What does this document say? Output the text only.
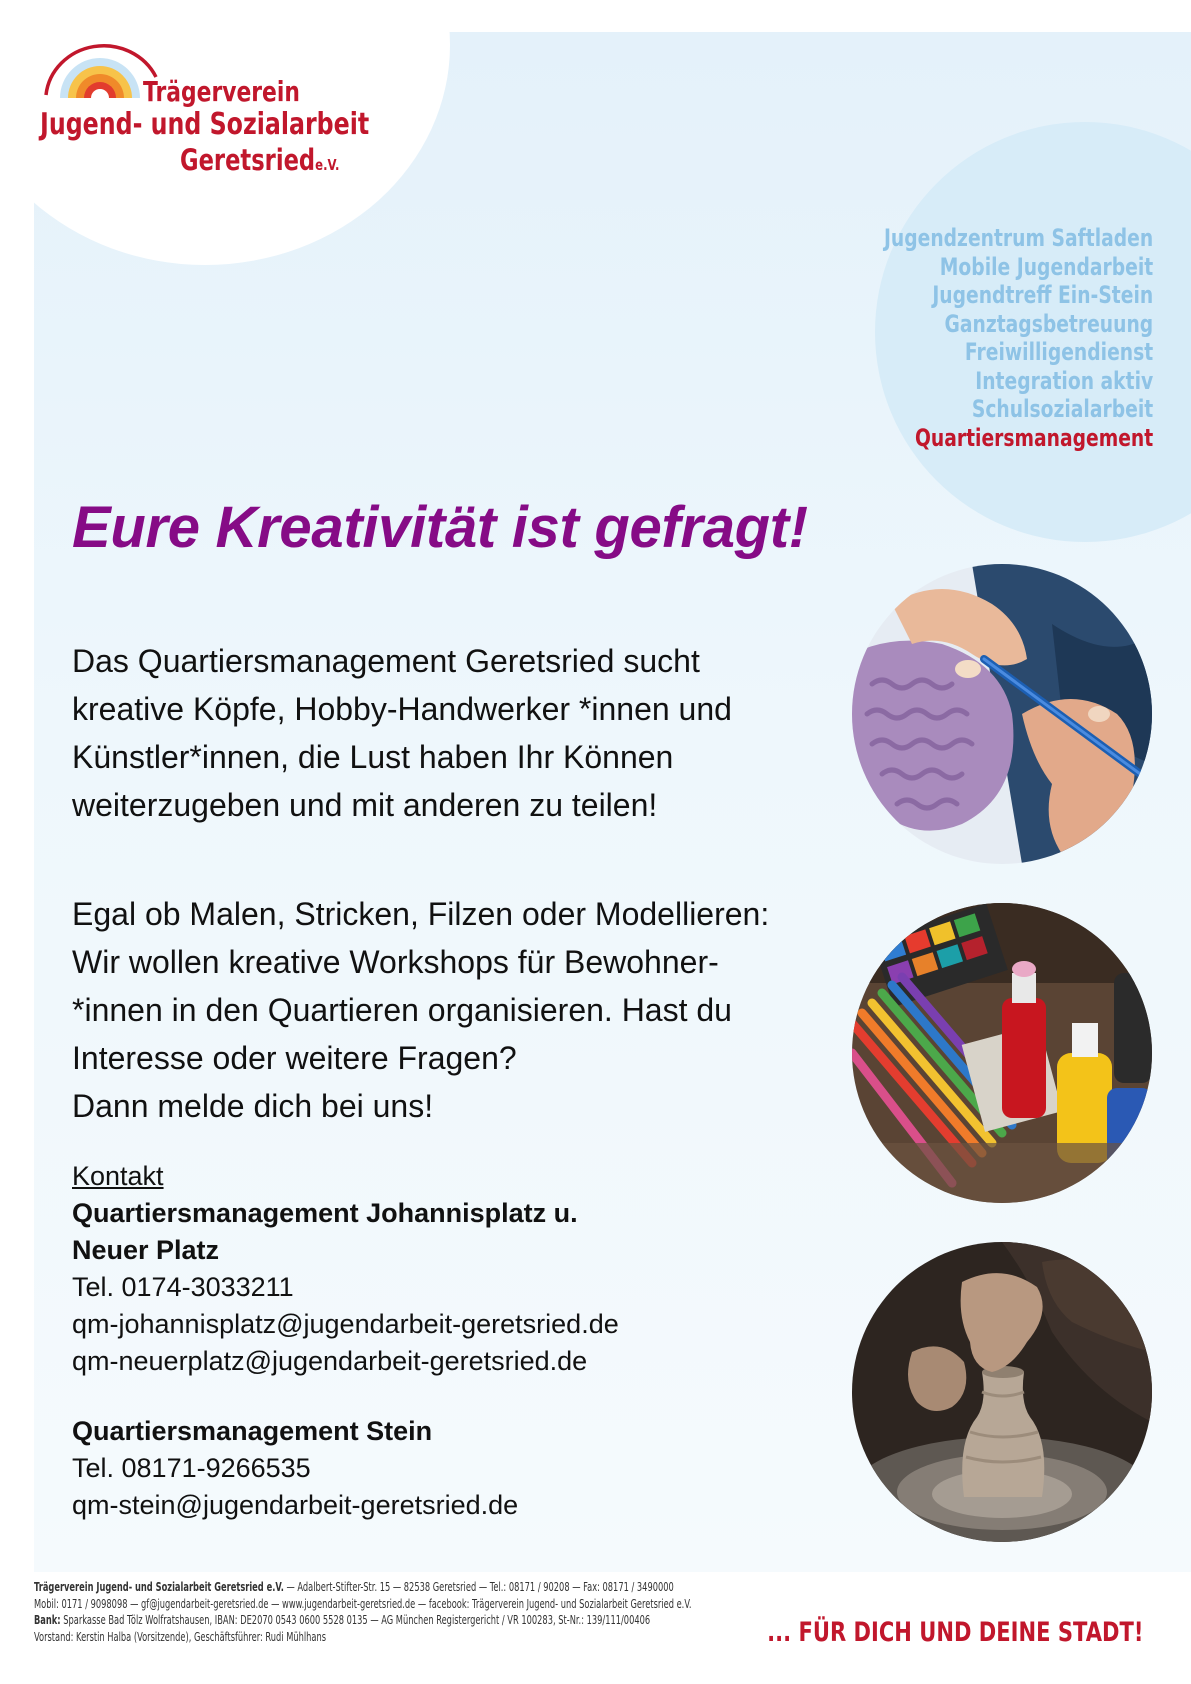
Trägerverein
Jugend- und Sozialarbeit
Geretsriede.V.
Jugendzentrum Saftladen
Mobile Jugendarbeit
Jugendtreff Ein-Stein
Ganztagsbetreuung
Freiwilligendienst
Integration aktiv
Schulsozialarbeit
Quartiersmanagement
Eure Kreativität ist gefragt!

Das Quartiersmanagement Geretsried sucht
kreative Köpfe, Hobby-Handwerker *innen und
Künstler*innen, die Lust haben Ihr Können
weiterzugeben und mit anderen zu teilen!

Egal ob Malen, Stricken, Filzen oder Modellieren:
Wir wollen kreative Workshops für Bewohner-
*innen in den Quartieren organisieren. Hast du
Interesse oder weitere Fragen?
Dann melde dich bei uns!

Kontakt
Quartiersmanagement Johannisplatz u.
Neuer Platz
Tel. 0174-3033211
qm-johannisplatz@jugendarbeit-geretsried.de
qm-neuerplatz@jugendarbeit-geretsried.de
Quartiersmanagement Stein
Tel. 08171-9266535
qm-stein@jugendarbeit-geretsried.de
Trägerverein Jugend- und Sozialarbeit Geretsried e.V. — Adalbert-Stifter-Str. 15 — 82538 Geretsried — Tel.: 08171 / 90208 — Fax: 08171 / 3490000
Mobil: 0171 / 9098098 — gf@jugendarbeit-geretsried.de — www.jugendarbeit-geretsried.de — facebook: Trägerverein Jugend- und Sozialarbeit Geretsried e.V.
Bank: Sparkasse Bad Tölz Wolfratshausen, IBAN: DE2070 0543 0600 5528 0135 — AG München Registergericht / VR 100283, St-Nr.: 139/111/00406
Vorstand: Kerstin Halba (Vorsitzende), Geschäftsführer: Rudi Mühlhans	... FÜR DICH UND DEINE STADT!
